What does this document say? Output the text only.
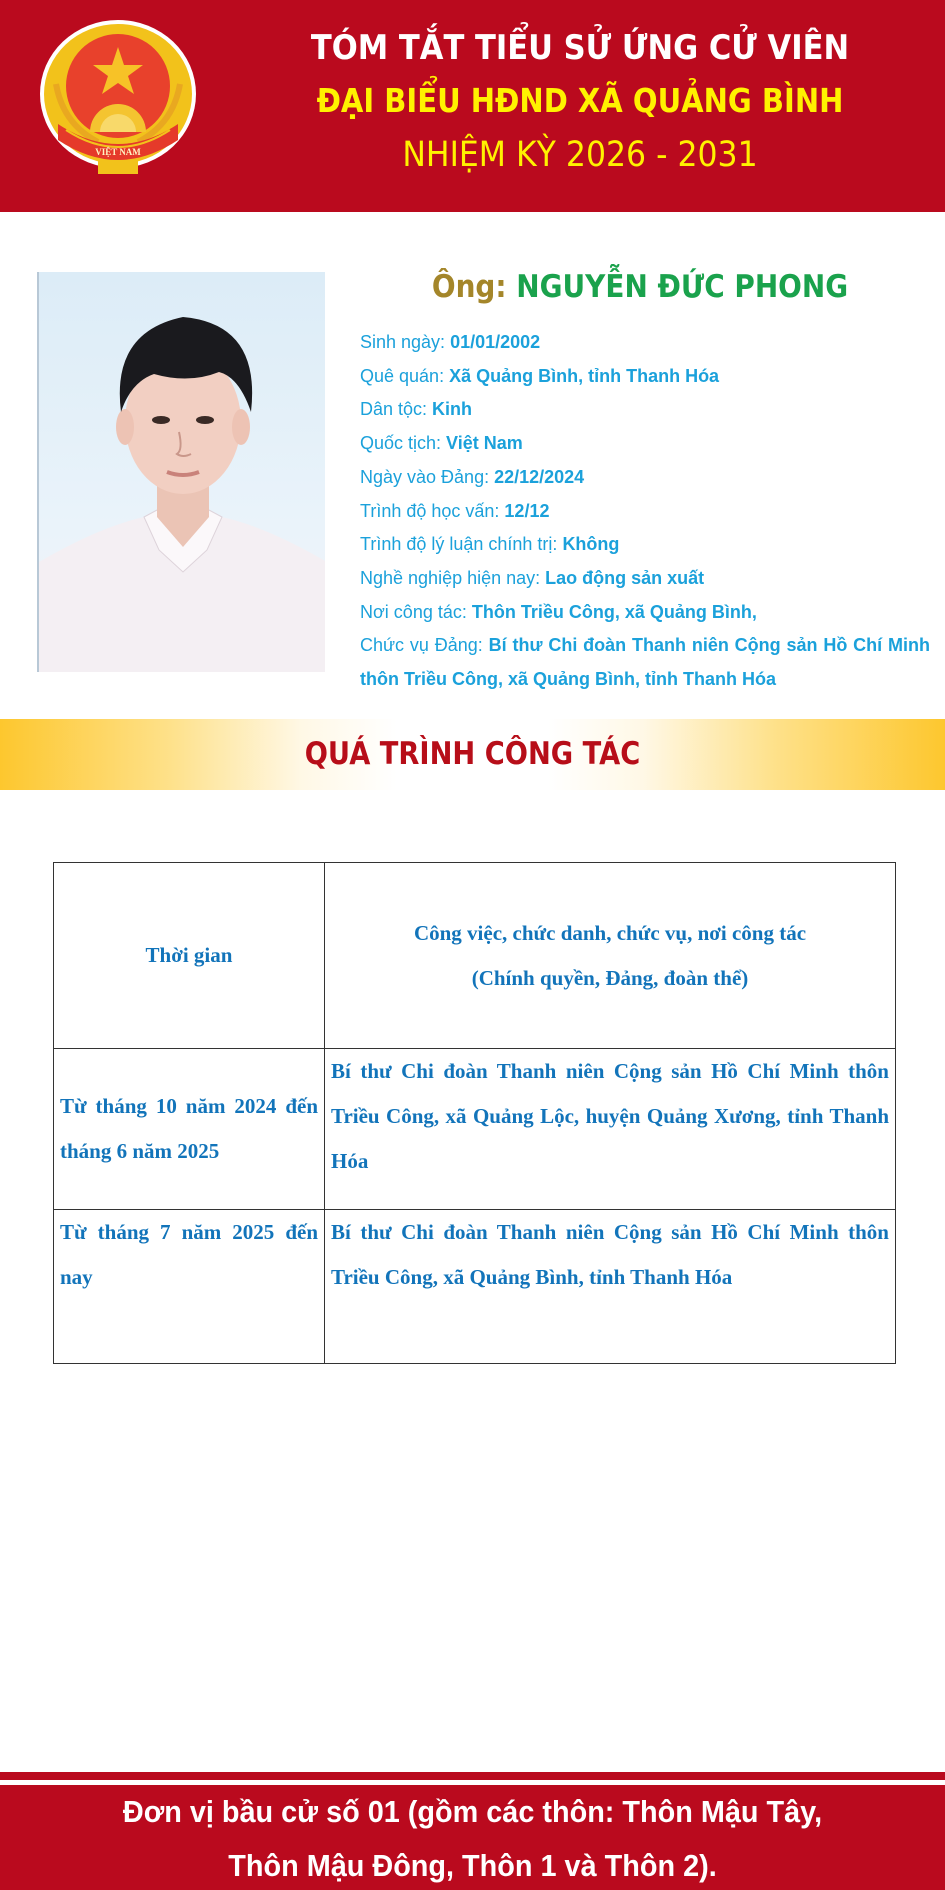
VIỆT NAM
TÓM TẮT TIỂU SỬ ỨNG CỬ VIÊN
ĐẠI BIỂU HĐND XÃ QUẢNG BÌNH
NHIỆM KỲ 2026 - 2031
Ông: NGUYỄN ĐỨC PHONG
Sinh ngày: 01/01/2002
Quê quán: Xã Quảng Bình, tỉnh Thanh Hóa
Dân tộc: Kinh
Quốc tịch: Việt Nam
Ngày vào Đảng: 22/12/2024
Trình độ học vấn: 12/12
Trình độ lý luận chính trị: Không
Nghề nghiệp hiện nay: Lao động sản xuất
Nơi công tác: Thôn Triều Công, xã Quảng Bình,
Chức vụ Đảng: Bí thư Chi đoàn Thanh niên Cộng sản Hồ Chí Minh thôn Triều Công, xã Quảng Bình, tỉnh Thanh Hóa
QUÁ TRÌNH CÔNG TÁC
Thời gian	Công việc, chức danh, chức vụ, nơi công tác
(Chính quyền, Đảng, đoàn thể)

Từ tháng 10 năm 2024 đến tháng 6 năm 2025	Bí thư Chi đoàn Thanh niên Cộng sản Hồ Chí Minh thôn Triều Công, xã Quảng Lộc, huyện Quảng Xương, tỉnh Thanh Hóa
Từ tháng 7 năm 2025 đến nay	Bí thư Chi đoàn Thanh niên Cộng sản Hồ Chí Minh thôn Triều Công, xã Quảng Bình, tỉnh Thanh Hóa
Đơn vị bầu cử số 01 (gồm các thôn: Thôn Mậu Tây,
Thôn Mậu Đông, Thôn 1 và Thôn 2).
